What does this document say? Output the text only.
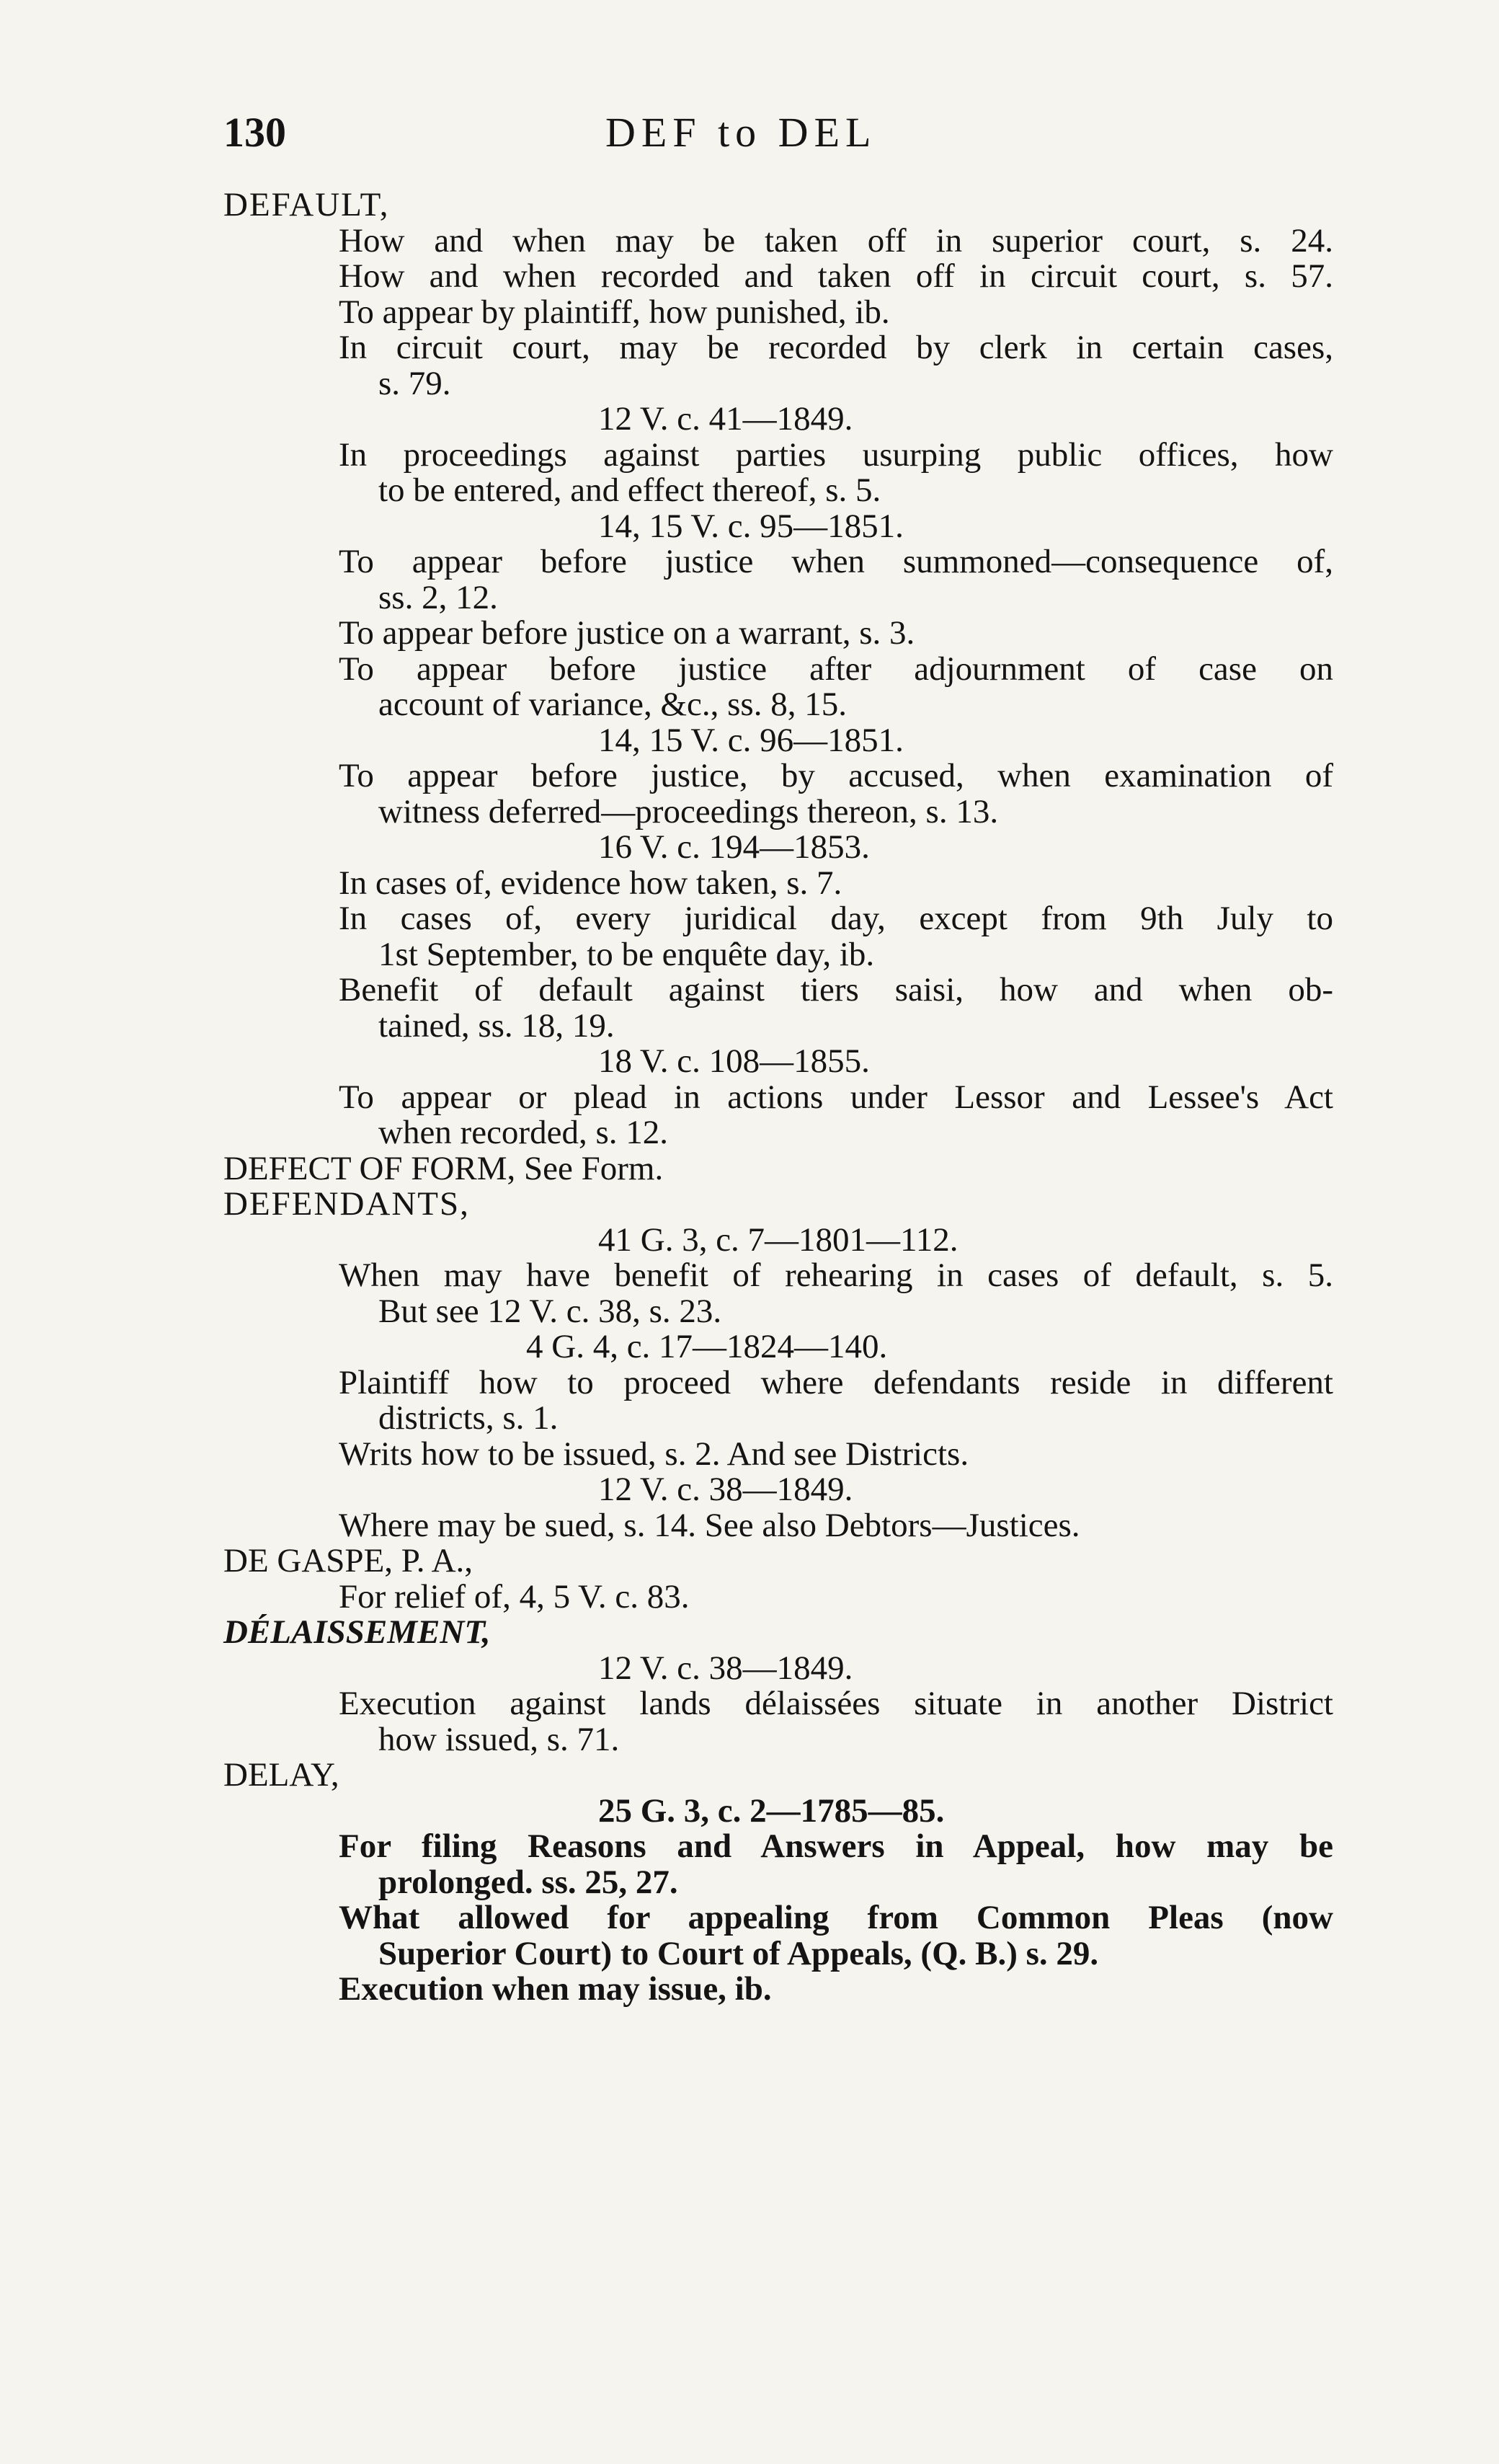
130	DEF to DEL
DEFAULT,
How and when may be taken off in superior court, s. 24.
How and when recorded and taken off in circuit court, s. 57.
To appear by plaintiff, how punished, ib.
In circuit court, may be recorded by clerk in certain cases,
s. 79.
12 V. c. 41—1849.
In proceedings against parties usurping public offices, how
to be entered, and effect thereof, s. 5.
14, 15 V. c. 95—1851.
To appear before justice when summoned—consequence of,
ss. 2, 12.
To appear before justice on a warrant, s. 3.
To appear before justice after adjournment of case on
account of variance, &c., ss. 8, 15.
14, 15 V. c. 96—1851.
To appear before justice, by accused, when examination of
witness deferred—proceedings thereon, s. 13.
16 V. c. 194—1853.
In cases of, evidence how taken, s. 7.
In cases of, every juridical day, except from 9th July to
1st September, to be enquête day, ib.
Benefit of default against tiers saisi, how and when ob-
tained, ss. 18, 19.
18 V. c. 108—1855.
To appear or plead in actions under Lessor and Lessee's Act
when recorded, s. 12.
DEFECT OF FORM, See Form.
DEFENDANTS,
41 G. 3, c. 7—1801—112.
When may have benefit of rehearing in cases of default, s. 5.
But see 12 V. c. 38, s. 23.
4 G. 4, c. 17—1824—140.
Plaintiff how to proceed where defendants reside in different
districts, s. 1.
Writs how to be issued, s. 2. And see Districts.
12 V. c. 38—1849.
Where may be sued, s. 14. See also Debtors—Justices.
DE GASPE, P. A.,
For relief of, 4, 5 V. c. 83.
DÉLAISSEMENT,
12 V. c. 38—1849.
Execution against lands délaissées situate in another District
how issued, s. 71.
DELAY,
25 G. 3, c. 2—1785—85.
For filing Reasons and Answers in Appeal, how may be
prolonged. ss. 25, 27.
What allowed for appealing from Common Pleas (now
Superior Court) to Court of Appeals, (Q. B.) s. 29.
Execution when may issue, ib.
